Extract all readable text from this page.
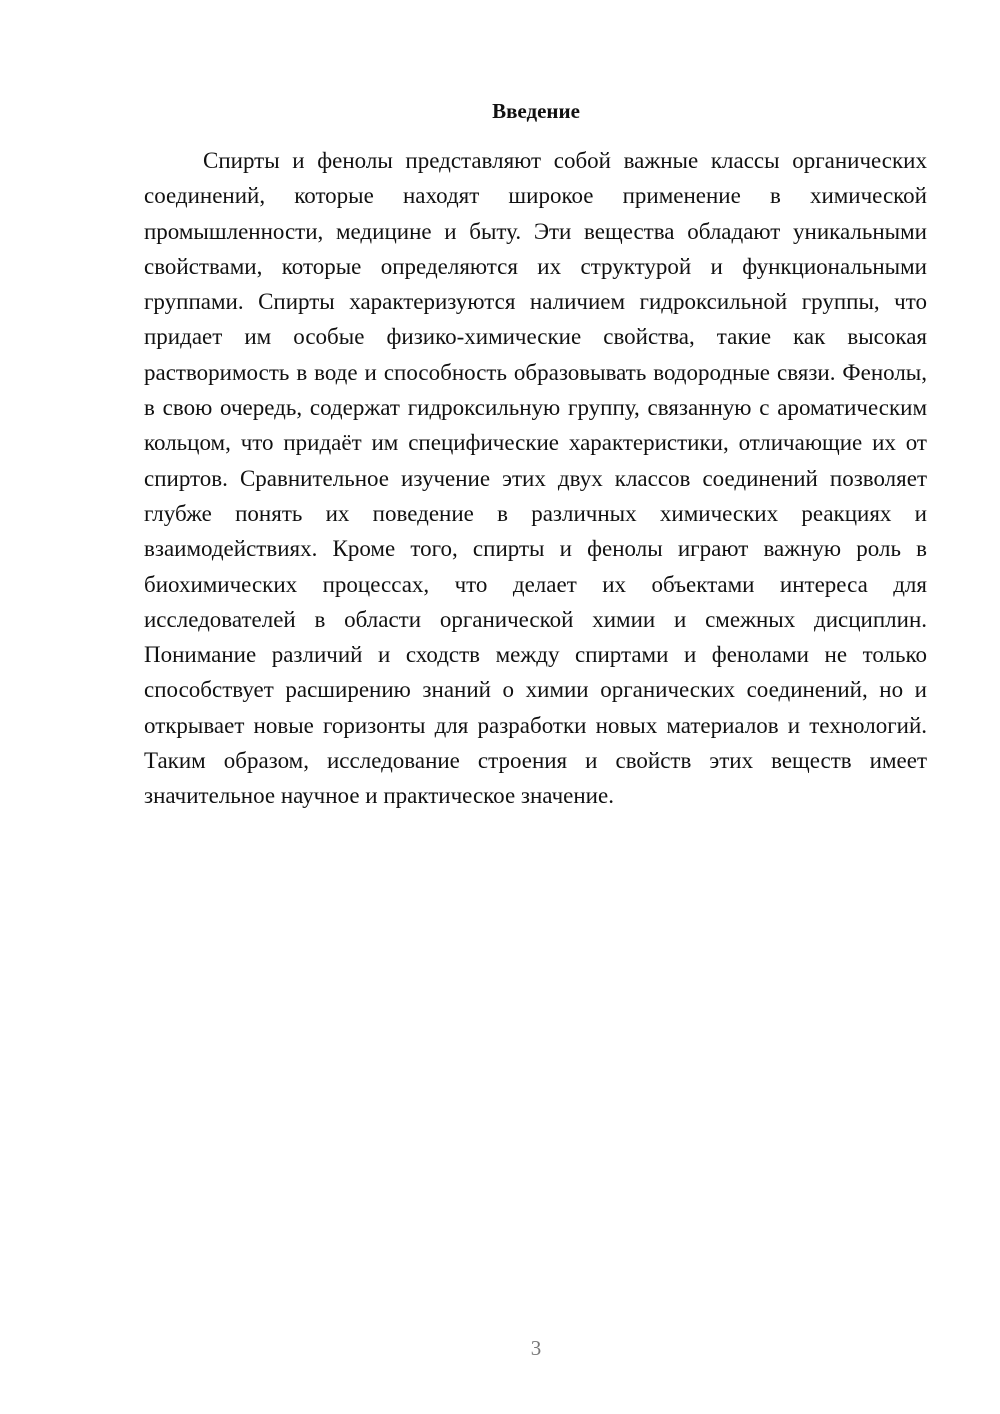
Введение

Спирты и фенолы представляют собой важные классы органических соединений, которые находят широкое применение в химической промышленности, медицине и быту. Эти вещества обладают уникальными свойствами, которые определяются их структурой и функциональными группами. Спирты характеризуются наличием гидроксильной группы, что придает им особые физико-химические свойства, такие как высокая растворимость в воде и способность образовывать водородные связи. Фенолы, в свою очередь, содержат гидроксильную группу, связанную с ароматическим кольцом, что придаёт им специфические характеристики, отличающие их от спиртов. Сравнительное изучение этих двух классов соединений позволяет глубже понять их поведение в различных химических реакциях и взаимодействиях. Кроме того, спирты и фенолы играют важную роль в биохимических процессах, что делает их объектами интереса для исследователей в области органической химии и смежных дисциплин. Понимание различий и сходств между спиртами и фенолами не только способствует расширению знаний о химии органических соединений, но и открывает новые горизонты для разработки новых материалов и технологий. Таким образом, исследование строения и свойств этих веществ имеет значительное научное и практическое значение.

3
